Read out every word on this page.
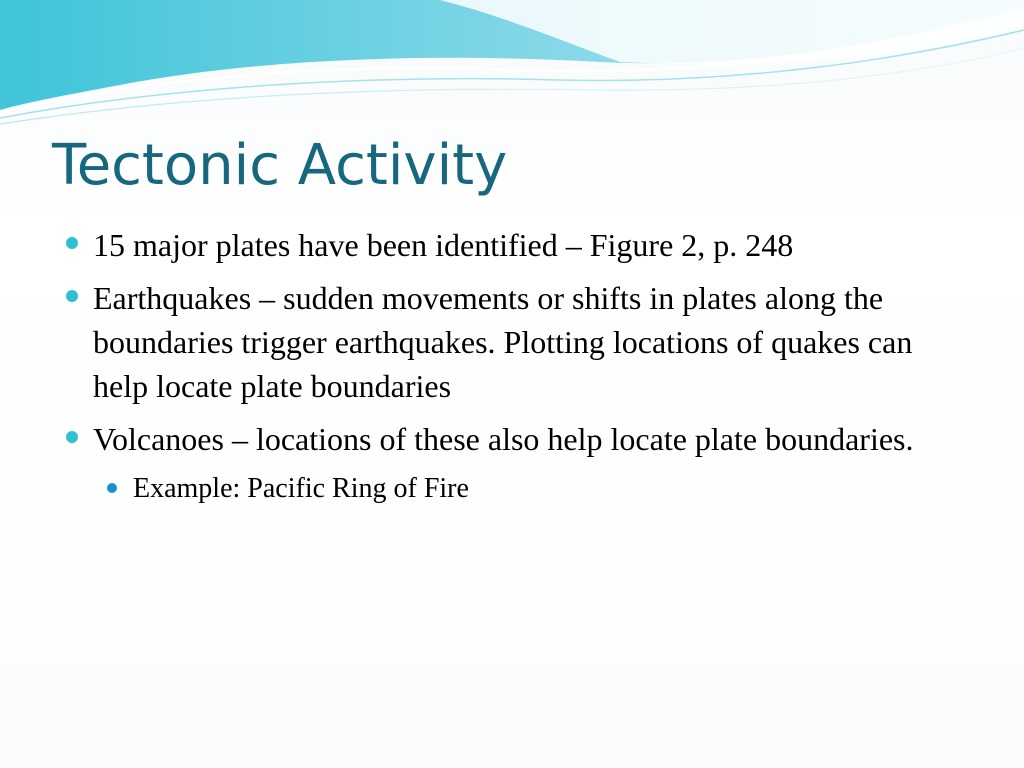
Tectonic Activity
15 major plates have been identified – Figure 2, p. 248
Earthquakes – sudden movements or shifts in plates along the boundaries trigger earthquakes. Plotting locations of quakes can help locate plate boundaries
Volcanoes – locations of these also help locate plate boundaries.
Example: Pacific Ring of Fire
